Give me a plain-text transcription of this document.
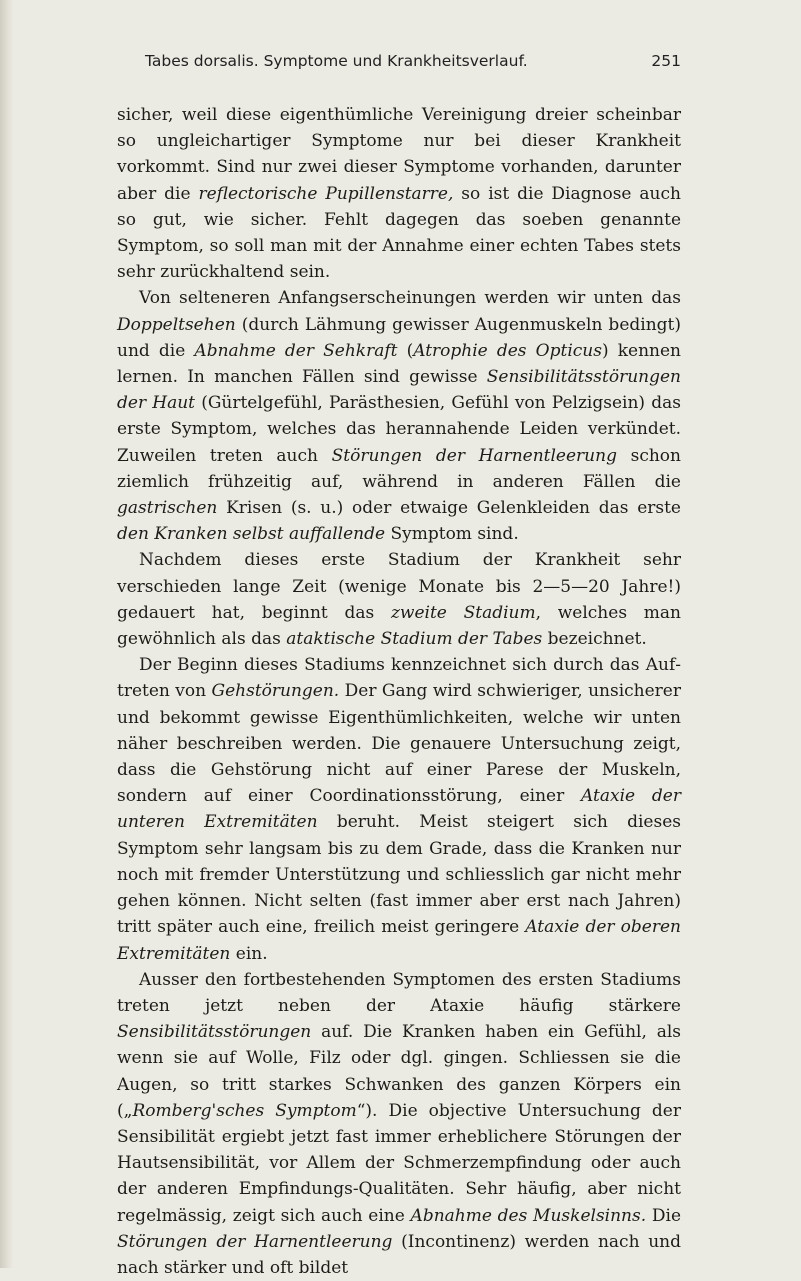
Tabes dorsalis. Symptome und Krankheitsverlauf.	251

sicher, weil diese eigenthümliche Vereinigung dreier scheinbar so ungleichartiger Symptome nur bei dieser Krankheit vorkommt. Sind nur zwei dieser Symptome vorhanden, darunter aber die reflectorische Pupillenstarre, so ist die Diagnose auch so gut, wie sicher. Fehlt dagegen das soeben genannte Symptom, so soll man mit der Annahme einer echten Tabes stets sehr zurückhaltend sein.

Von selteneren Anfangserscheinungen werden wir unten das Doppeltsehen (durch Lähmung gewisser Augenmuskeln bedingt) und die Abnahme der Sehkraft (Atrophie des Opticus) kennen lernen. In manchen Fällen sind gewisse Sensibilitätsstörungen der Haut (Gürtelgefühl, Parästhesien, Gefühl von Pelzigsein) das erste Symptom, welches das herannahende Leiden verkündet. Zuweilen treten auch Störungen der Harnentleerung schon ziemlich frühzeitig auf, während in anderen Fällen die gastrischen Krisen (s. u.) oder etwaige Gelenkleiden das erste den Kranken selbst auffallende Symptom sind.

Nachdem dieses erste Stadium der Krankheit sehr verschieden lange Zeit (wenige Monate bis 2—5—20 Jahre!) gedauert hat, beginnt das zweite Stadium, welches man gewöhnlich als das ataktische Stadium der Tabes bezeichnet.

Der Beginn dieses Stadiums kennzeichnet sich durch das Auftreten von Gehstörungen. Der Gang wird schwieriger, unsicherer und bekommt gewisse Eigenthümlichkeiten, welche wir unten näher beschreiben werden. Die genauere Untersuchung zeigt, dass die Gehstörung nicht auf einer Parese der Muskeln, sondern auf einer Coordinationsstörung, einer Ataxie der unteren Extremitäten beruht. Meist steigert sich dieses Symptom sehr langsam bis zu dem Grade, dass die Kranken nur noch mit fremder Unterstützung und schliesslich gar nicht mehr gehen können. Nicht selten (fast immer aber erst nach Jahren) tritt später auch eine, freilich meist geringere Ataxie der oberen Extremitäten ein.

Ausser den fortbestehenden Symptomen des ersten Stadiums treten jetzt neben der Ataxie häufig stärkere Sensibilitätsstörungen auf. Die Kranken haben ein Gefühl, als wenn sie auf Wolle, Filz oder dgl. gingen. Schliessen sie die Augen, so tritt starkes Schwanken des ganzen Körpers ein („Romberg'sches Symptom“). Die objective Untersuchung der Sensibilität ergiebt jetzt fast immer erheblichere Störungen der Hautsensibilität, vor Allem der Schmerzempfindung oder auch der anderen Empfindungs-Qualitäten. Sehr häufig, aber nicht regelmässig, zeigt sich auch eine Abnahme des Muskelsinns. Die Störungen der Harnentleerung (Incontinenz) werden nach und nach stärker und oft bildet
